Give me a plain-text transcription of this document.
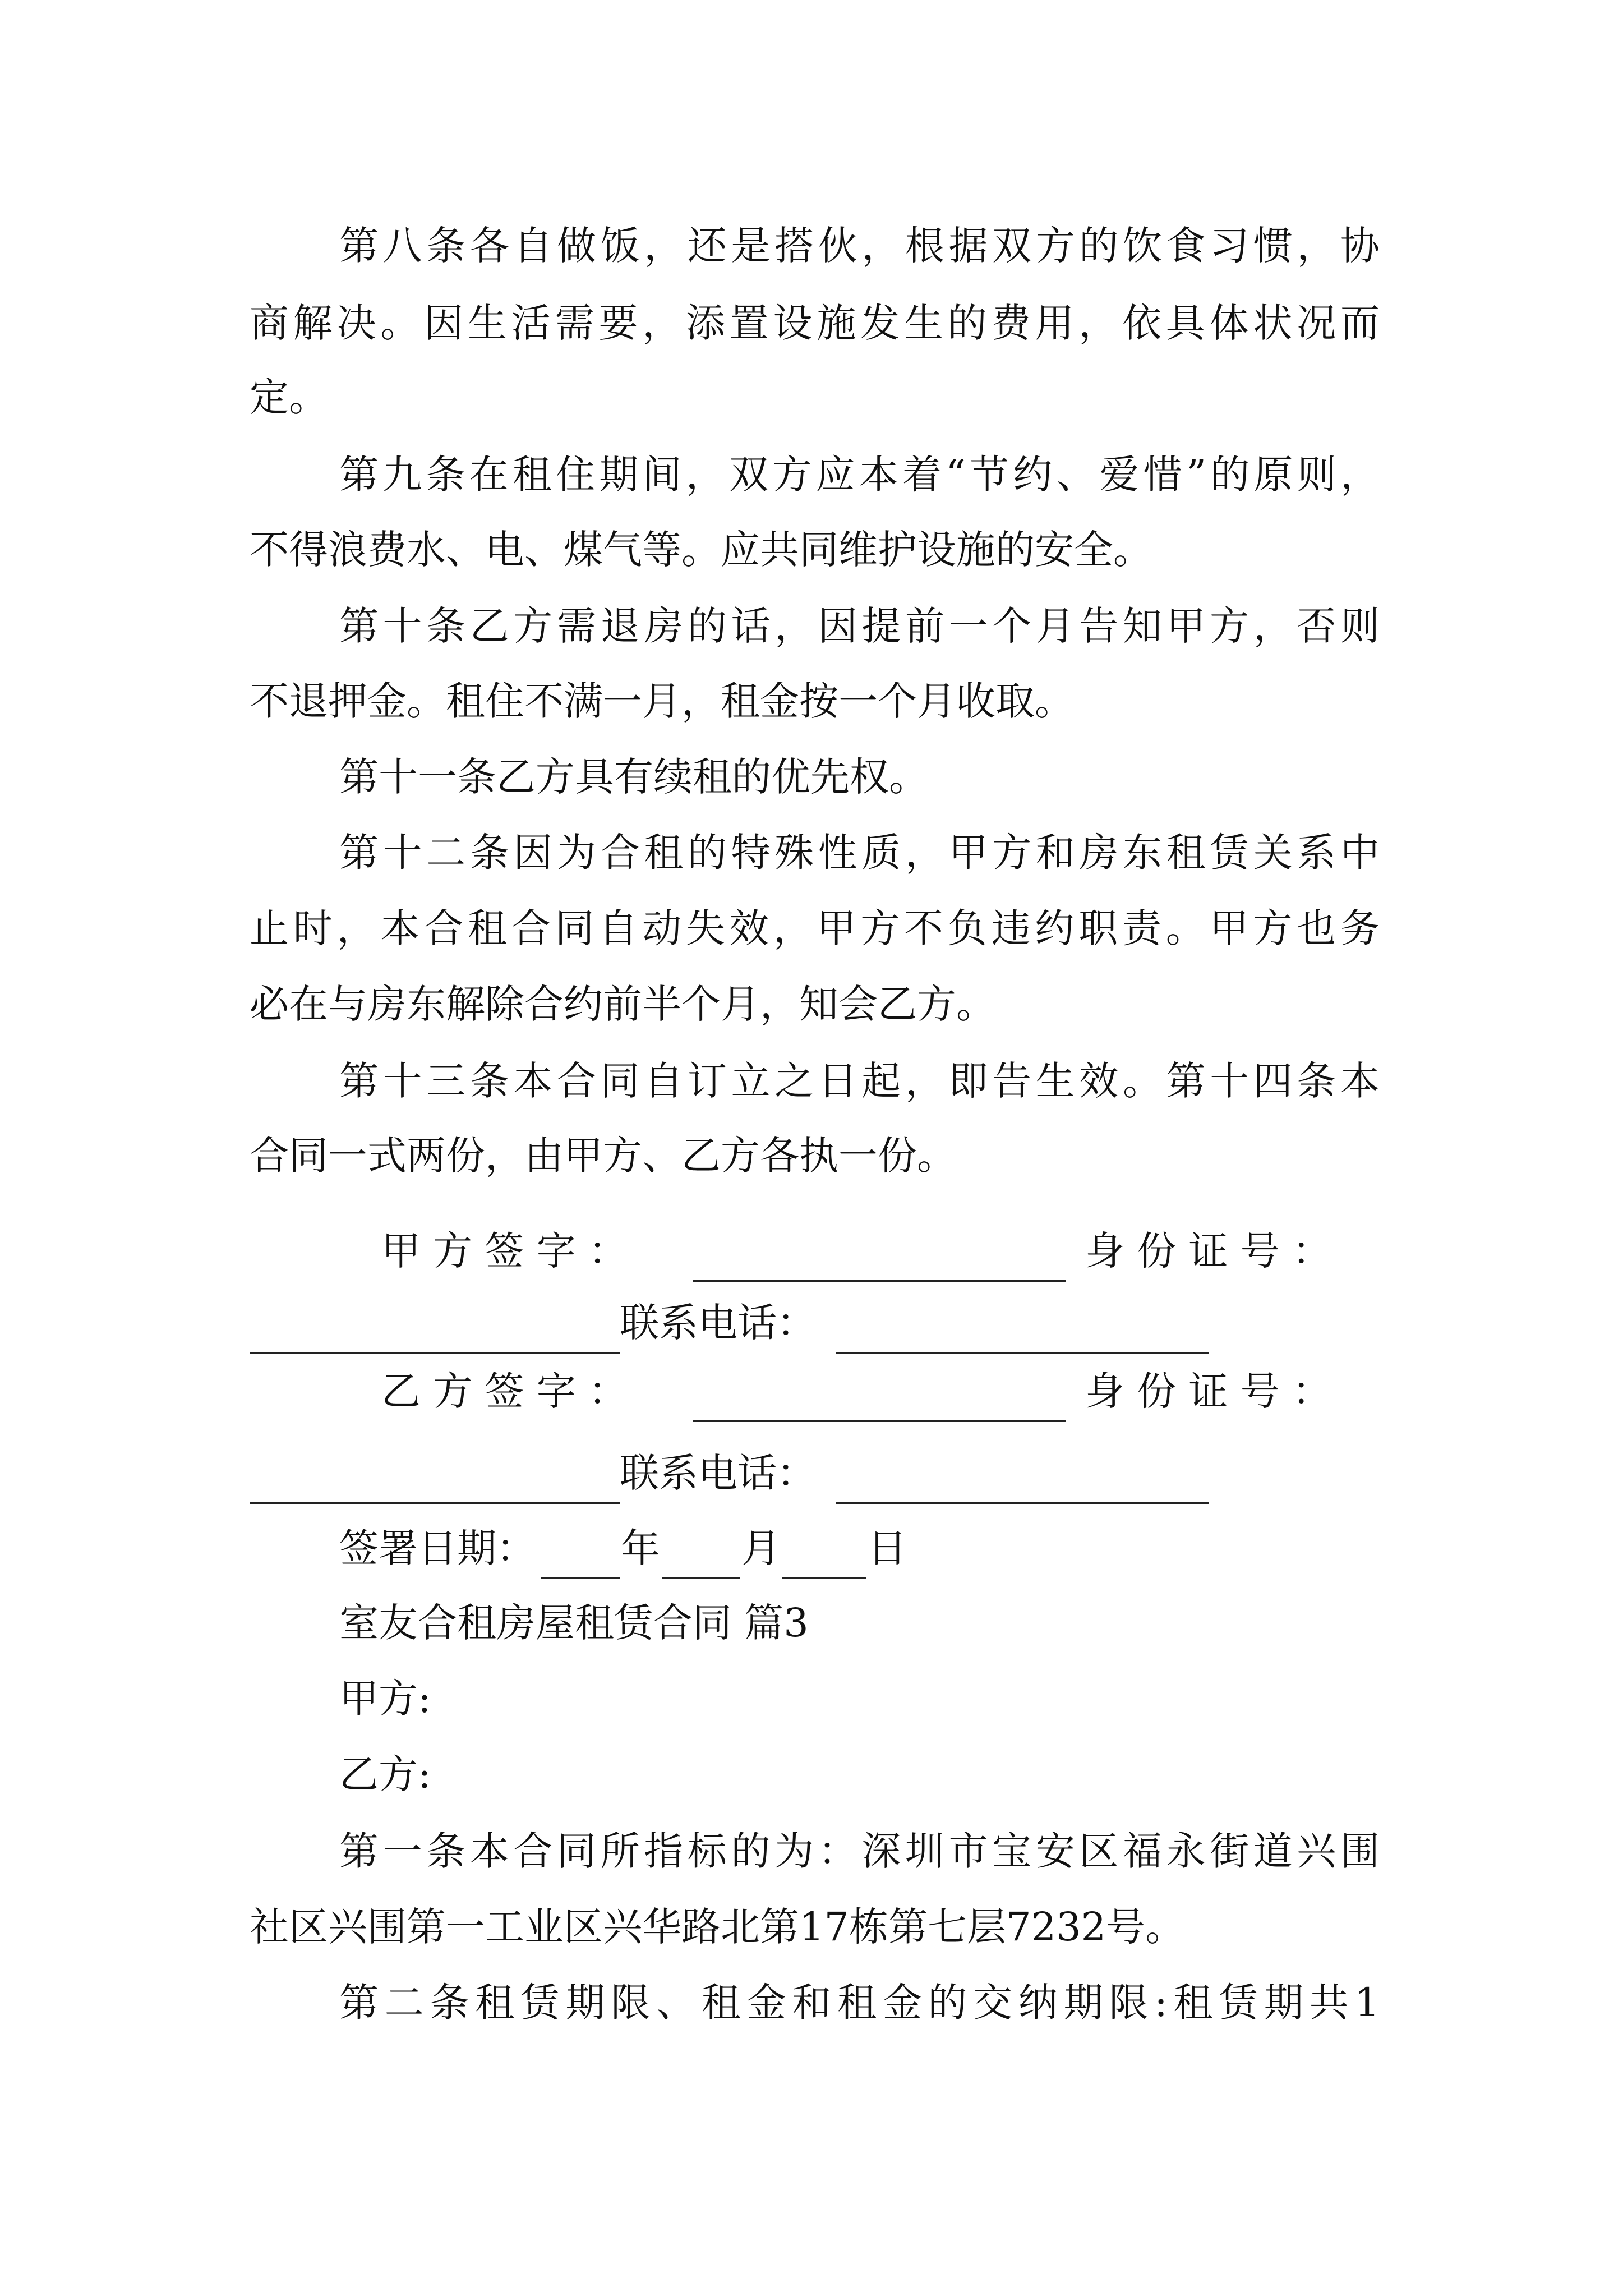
第八条各自做饭，还是搭伙，根据双方的饮食习惯，协
商解决。因生活需要，添置设施发生的费用，依具体状况而
定。
第九条在租住期间，双方应本着“节约、爱惜”的原则，
不得浪费水、电、煤气等。应共同维护设施的安全。
第十条乙方需退房的话，因提前一个月告知甲方，否则
不退押金。租住不满一月，租金按一个月收取。
第十一条乙方具有续租的优先权。
第十二条因为合租的特殊性质，甲方和房东租赁关系中
止时，本合租合同自动失效，甲方不负违约职责。甲方也务
必在与房东解除合约前半个月，知会乙方。
第十三条本合同自订立之日起，即告生效。第十四条本
合同一式两份，由甲方、乙方各执一份。
甲 方 签 字 ：	身 份 证 号 ：
联系电话：
乙 方 签 字 ：	身 份 证 号 ：
联系电话：
签署日期： 年 月 日
室友合租房屋租赁合同 篇3
甲方:
乙方:
第一条本合同所指标的为：深圳市宝安区福永街道兴围
社区兴围第一工业区兴华路北第17栋第七层7232号。
第二条租赁期限、租金和租金的交纳期限:租赁期共1
